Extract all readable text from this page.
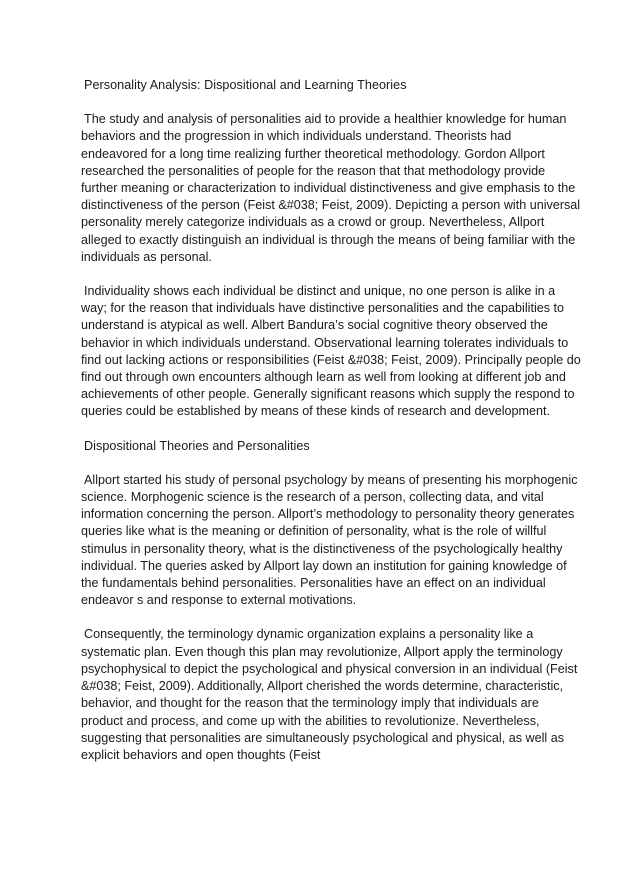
Personality Analysis: Dispositional and Learning Theories

The study and analysis of personalities aid to provide a healthier knowledge for human behaviors and the progression in which individuals understand. Theorists had endeavored for a long time realizing further theoretical methodology. Gordon Allport researched the personalities of people for the reason that that methodology provide further meaning or characterization to individual distinctiveness and give emphasis to the distinctiveness of the person (Feist &#038; Feist, 2009). Depicting a person with universal personality merely categorize individuals as a crowd or group. Nevertheless, Allport alleged to exactly distinguish an individual is through the means of being familiar with the individuals as personal.

Individuality shows each individual be distinct and unique, no one person is alike in a way; for the reason that individuals have distinctive personalities and the capabilities to understand is atypical as well. Albert Bandura’s social cognitive theory observed the behavior in which individuals understand. Observational learning tolerates individuals to find out lacking actions or responsibilities (Feist &#038; Feist, 2009). Principally people do find out through own encounters although learn as well from looking at different job and achievements of other people. Generally significant reasons which supply the respond to queries could be established by means of these kinds of research and development.

Dispositional Theories and Personalities

Allport started his study of personal psychology by means of presenting his morphogenic science. Morphogenic science is the research of a person, collecting data, and vital information concerning the person. Allport’s methodology to personality theory generates queries like what is the meaning or definition of personality, what is the role of willful stimulus in personality theory, what is the distinctiveness of the psychologically healthy individual. The queries asked by Allport lay down an institution for gaining knowledge of the fundamentals behind personalities. Personalities have an effect on an individual endeavor s and response to external motivations.

Consequently, the terminology dynamic organization explains a personality like a systematic plan. Even though this plan may revolutionize, Allport apply the terminology psychophysical to depict the psychological and physical conversion in an individual (Feist &#038; Feist, 2009). Additionally, Allport cherished the words determine, characteristic, behavior, and thought for the reason that the terminology imply that individuals are product and process, and come up with the abilities to revolutionize. Nevertheless, suggesting that personalities are simultaneously psychological and physical, as well as explicit behaviors and open thoughts (Feist
